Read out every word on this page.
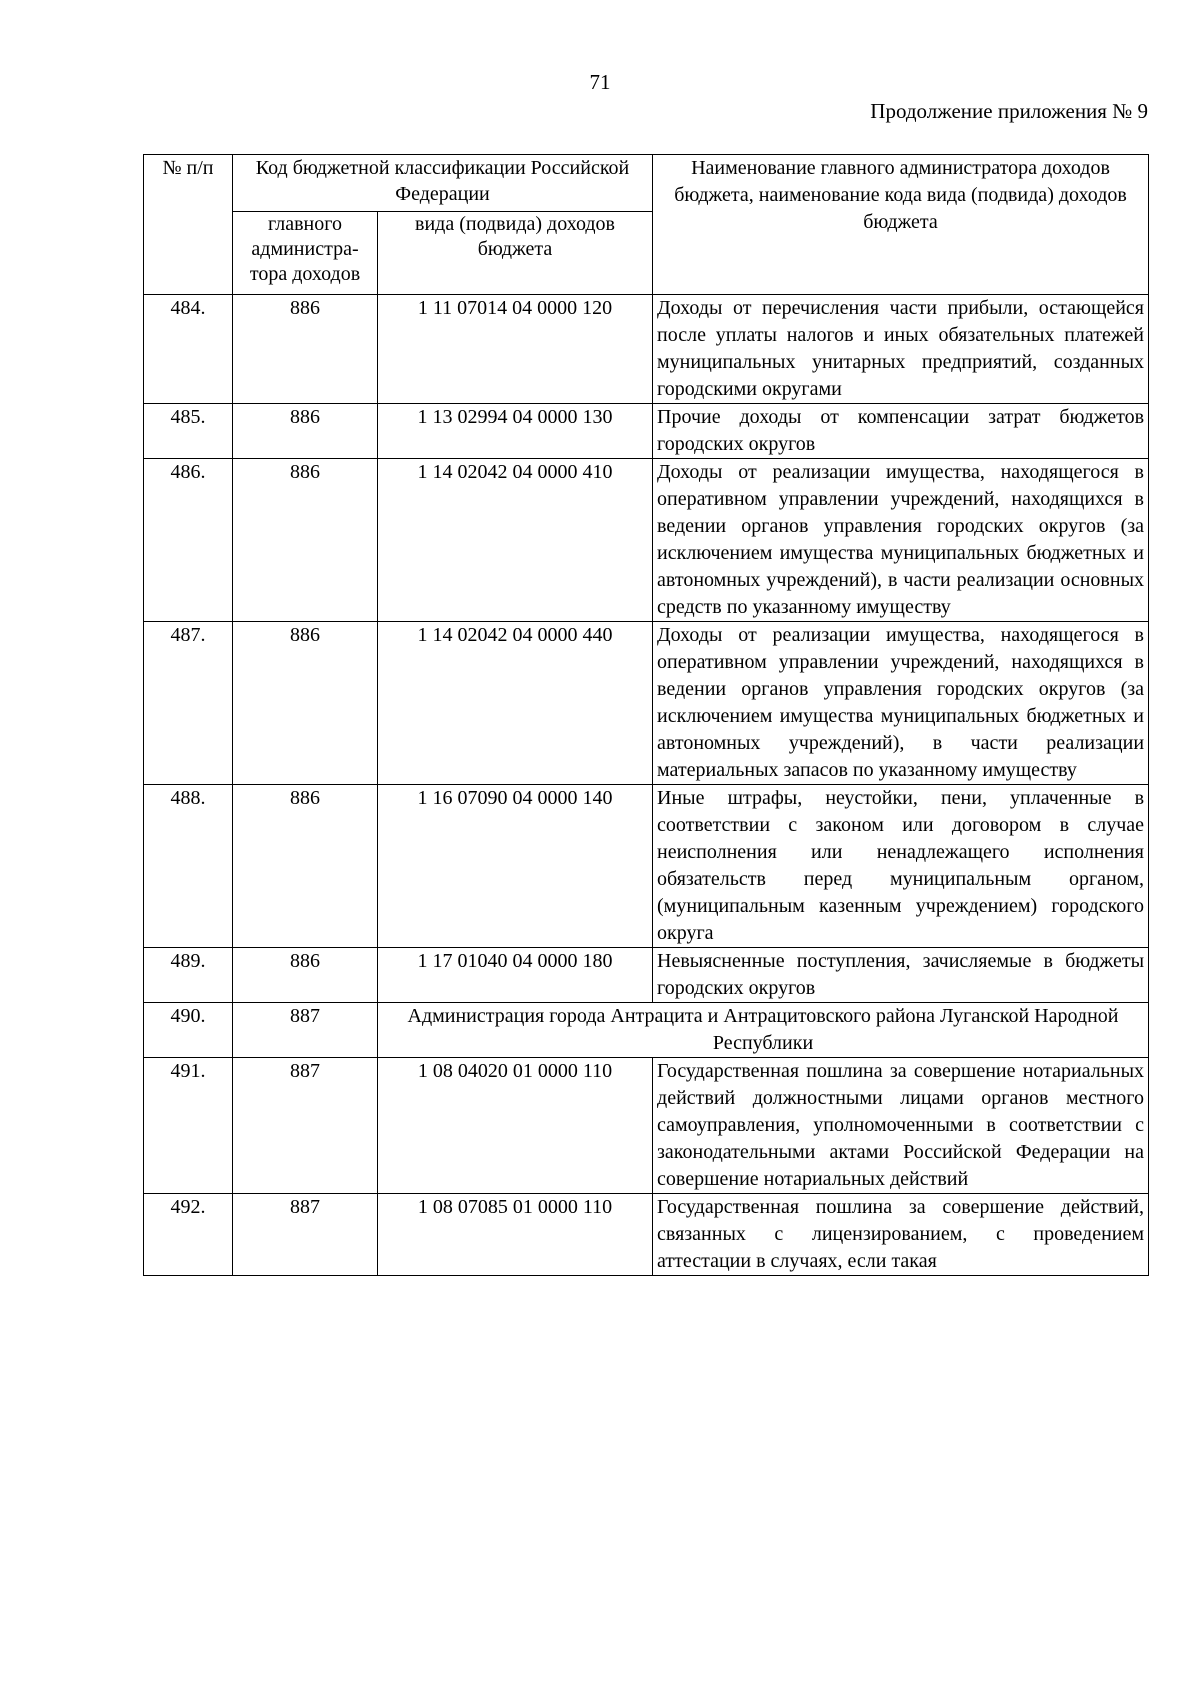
71
Продолжение приложения № 9
№ п/п	Код бюджетной классификации Российской Федерации		Наименование главного администратора доходов бюджета, наименование кода вида (подвида) доходов бюджета
	главного администра-тора доходов	вида (подвида) доходов бюджета	
484.	886	1 11 07014 04 0000 120	Доходы от перечисления части прибыли, остающейся после уплаты налогов и иных обязательных платежей муниципальных унитарных предприятий, созданных городскими округами
485.	886	1 13 02994 04 0000 130	Прочие доходы от компенсации затрат бюджетов городских округов
486.	886	1 14 02042 04 0000 410	Доходы от реализации имущества, находящегося в оперативном управлении учреждений, находящихся в ведении органов управления городских округов (за исключением имущества муниципальных бюджетных и автономных учреждений), в части реализации основных средств по указанному имуществу
487.	886	1 14 02042 04 0000 440	Доходы от реализации имущества, находящегося в оперативном управлении учреждений, находящихся в ведении органов управления городских округов (за исключением имущества муниципальных бюджетных и автономных учреждений), в части реализации материальных запасов по указанному имуществу
488.	886	1 16 07090 04 0000 140	Иные штрафы, неустойки, пени, уплаченные в соответствии с законом или договором в случае неисполнения или ненадлежащего исполнения обязательств перед муниципальным органом, (муниципальным казенным учреждением) городского округа
489.	886	1 17 01040 04 0000 180	Невыясненные поступления, зачисляемые в бюджеты городских округов
490.	887	Администрация города Антрацита и Антрацитовского района Луганской Народной Республики	
491.	887	1 08 04020 01 0000 110	Государственная пошлина за совершение нотариальных действий должностными лицами органов местного самоуправления, уполномоченными в соответствии с законодательными актами Российской Федерации на совершение нотариальных действий
492.	887	1 08 07085 01 0000 110	Государственная пошлина за совершение действий, связанных с лицензированием, с проведением аттестации в случаях, если такая
